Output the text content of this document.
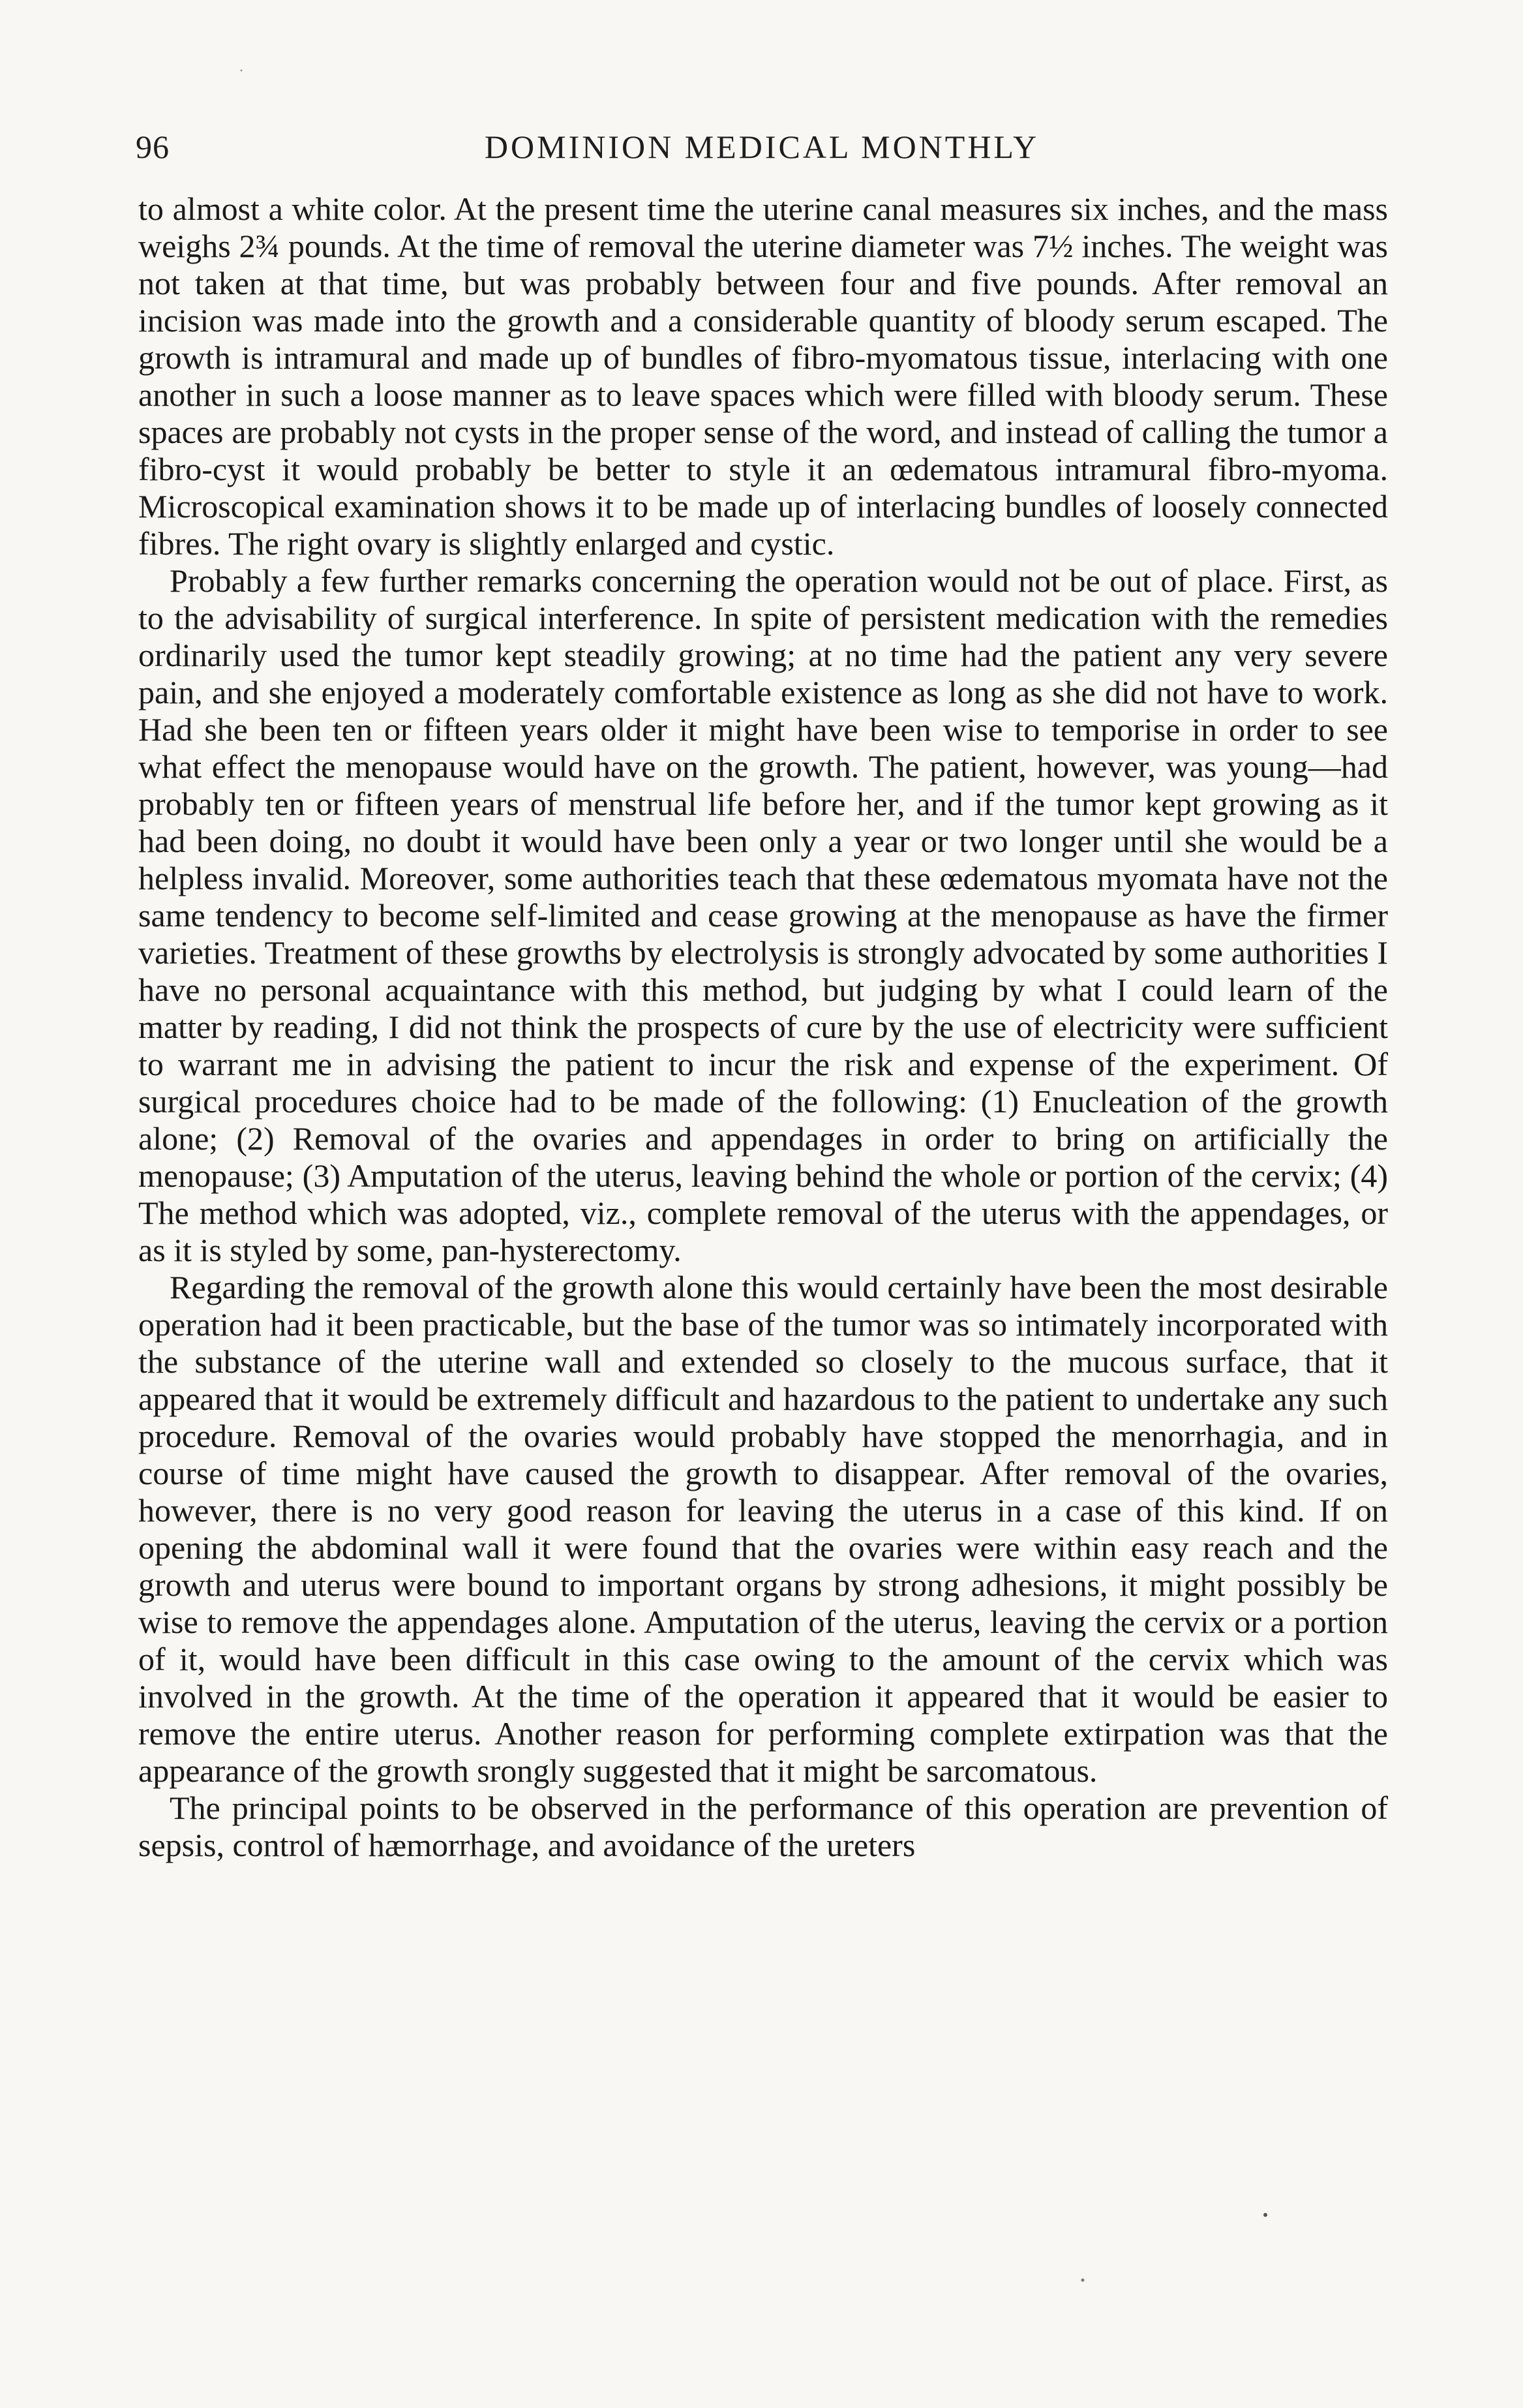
96	DOMINION MEDICAL MONTHLY

to almost a white color. At the present time the uterine canal measures six inches, and the mass weighs 2¾ pounds. At the time of removal the uterine diameter was 7½ inches. The weight was not taken at that time, but was probably between four and five pounds. After removal an incision was made into the growth and a considerable quantity of bloody serum escaped. The growth is intramural and made up of bundles of fibro-myomatous tissue, interlacing with one another in such a loose manner as to leave spaces which were filled with bloody serum. These spaces are probably not cysts in the proper sense of the word, and instead of calling the tumor a fibro-cyst it would probably be better to style it an œdematous intramural fibro-myoma. Microscopical examination shows it to be made up of interlacing bundles of loosely connected fibres. The right ovary is slightly enlarged and cystic.

Probably a few further remarks concerning the operation would not be out of place. First, as to the advisability of surgical interference. In spite of persistent medication with the remedies ordinarily used the tumor kept steadily growing; at no time had the patient any very severe pain, and she enjoyed a moderately comfortable existence as long as she did not have to work. Had she been ten or fifteen years older it might have been wise to temporise in order to see what effect the menopause would have on the growth. The patient, however, was young—had probably ten or fifteen years of menstrual life before her, and if the tumor kept growing as it had been doing, no doubt it would have been only a year or two longer until she would be a helpless invalid. Moreover, some authorities teach that these œdematous myomata have not the same tendency to become self-limited and cease growing at the menopause as have the firmer varieties. Treatment of these growths by electrolysis is strongly advocated by some authorities I have no personal acquaintance with this method, but judging by what I could learn of the matter by reading, I did not think the prospects of cure by the use of electricity were sufficient to warrant me in advising the patient to incur the risk and expense of the experiment. Of surgical procedures choice had to be made of the following: (1) Enucleation of the growth alone; (2) Removal of the ovaries and appendages in order to bring on artificially the menopause; (3) Amputation of the uterus, leaving behind the whole or portion of the cervix; (4) The method which was adopted, viz., complete removal of the uterus with the appendages, or as it is styled by some, pan-hysterectomy.

Regarding the removal of the growth alone this would certainly have been the most desirable operation had it been practicable, but the base of the tumor was so intimately incorporated with the substance of the uterine wall and extended so closely to the mucous surface, that it appeared that it would be extremely difficult and hazardous to the patient to undertake any such procedure. Removal of the ovaries would probably have stopped the menorrhagia, and in course of time might have caused the growth to disappear. After removal of the ovaries, however, there is no very good reason for leaving the uterus in a case of this kind. If on opening the abdominal wall it were found that the ovaries were within easy reach and the growth and uterus were bound to important organs by strong adhesions, it might possibly be wise to remove the appendages alone. Amputation of the uterus, leaving the cervix or a portion of it, would have been difficult in this case owing to the amount of the cervix which was involved in the growth. At the time of the operation it appeared that it would be easier to remove the entire uterus. Another reason for performing complete extirpation was that the appearance of the growth srongly suggested that it might be sarcomatous.

The principal points to be observed in the performance of this operation are prevention of sepsis, control of hæmorrhage, and avoidance of the ureters
